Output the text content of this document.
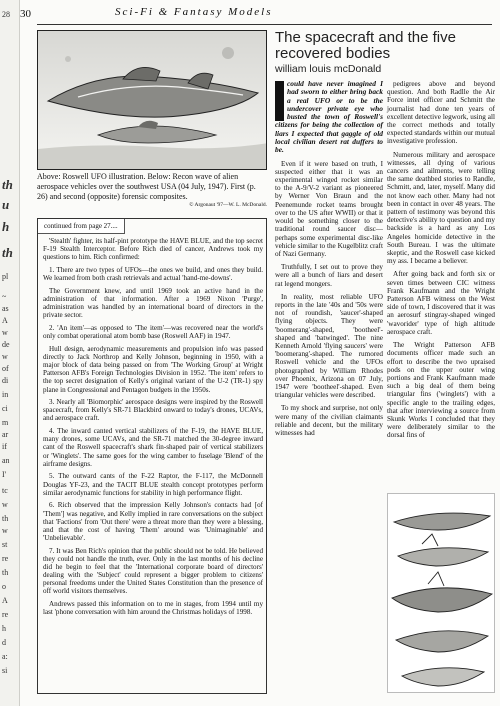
28
th
u
h
th
pl
~
as
A
w
de
w
of
di
in
ci
m
ar
if
an
I'
tc
w
th
w
st
re
th
o
A
re
h
d
a:
si
30	Sci-Fi & Fantasy Models
Above: Roswell UFO illustration. Below: Recon wave of alien aerospace vehicles over the southwest USA (04 July, 1947). First (p. 26) and second (opposite) forensic composites.
© Argonaut '97—W. L. McDonald.
continued from page 27....

'Stealth' fighter, its half-pint prototype the HAVE BLUE, and the top secret F-19 Stealth Interceptor. Before Rich died of cancer, Andrews took my questions to him. Rich confirmed:

1. There are two types of UFOs—the ones we build, and ones they build. We learned from both crash retrievals and actual 'hand-me-downs'.

The Government knew, and until 1969 took an active hand in the administration of that information. After a 1969 Nixon 'Purge', administration was handled by an international board of directors in the private sector.

2. 'An item'—as opposed to 'The item'—was recovered near the world's only combat operational atom bomb base (Roswell AAF) in 1947.

Hull design, aerodynamic measurements and propulsion info was passed directly to Jack Northrop and Kelly Johnson, beginning in 1950, with a major block of data being passed on from 'The Working Group' at Wright Patterson AFB's Foreign Technologies Division in 1952. 'The item' refers to the top secret designation of Kelly's original variant of the U-2 (TR-1) spy plane in Congressional and Pentagon budgets in the 1950s.

3. Nearly all 'Biomorphic' aerospace designs were inspired by the Roswell spacecraft, from Kelly's SR-71 Blackbird onward to today's drones, UCAVs, and aerospace craft.

4. The inward canted vertical stabilizers of the F-19, the HAVE BLUE, many drones, some UCAVs, and the SR-71 matched the 30-degree inward cant of the Roswell spacecraft's shark fin-shaped pair of vertical stabilizers or 'Winglets'. The same goes for the wing camber to fuselage 'Blend' of the airframe designs.

5. The outward cants of the F-22 Raptor, the F-117, the McDonnell Douglas YF-23, and the TACIT BLUE stealth concept prototypes perform similar aerodynamic functions for stability in high performance flight.

6. Rich observed that the impression Kelly Johnson's contacts had [of 'Them'] was negative, and Kelly implied in rare conversations on the subject that 'Factions' from 'Out there' were a threat more than they were a blessing, and that the cost of having 'Them' around was 'Unimaginable' and 'Unbelievable'.

7. It was Ben Rich's opinion that the public should not be told. He believed they could not handle the truth, ever. Only in the last months of his decline did he begin to feel that the 'International corporate board of directors' dealing with the 'Subject' could represent a bigger problem to citizens' personal freedoms under the United States Constitution than the presence of off world visitors themselves.

Andrews passed this information on to me in stages, from 1994 until my last 'phone conversation with him around the Christmas holidays of 1998.

The spacecraft and the five recovered bodies
william louis mcDonald

could have never imagined I had sworn to either bring back a real UFO or to be the undercover private eye who busted the town of Roswell's citizens for being the collection of liars I expected that gaggle of old local civilian desert rat duffers to be.

Even if it were based on truth, I suspected either that it was an experimental winged rocket similar to the A-9/V-2 variant as pioneered by Werner Von Braun and the Peenemunde rocket teams brought over to the US after WWII) or that it would be something closer to the traditional round saucer disc—perhaps some experimental disc-like vehicle similar to the Kugelblitz craft of Nazi Germany.

Truthfully, I set out to prove they were all a bunch of liars and desert rat legend mongers.

In reality, most reliable UFO reports in the late '40s and '50s were not of roundish, 'saucer'-shaped flying objects. They were 'boomerang'-shaped, 'bootheel'-shaped and 'batwinged'. The nine Kenneth Arnold 'flying saucers' were 'boomerang'-shaped. The rumored Roswell vehicle and the UFOs photographed by William Rhodes over Phoenix, Arizona on 07 July, 1947 were 'bootheel'-shaped. Even triangular vehicles were described.

To my shock and surprise, not only were many of the civilian claimants reliable and decent, but the military witnesses had

pedigrees above and beyond question. And both Radlle the Air Force intel officer and Schmitt the journalist had done ten years of excellent detective legwork, using all the correct methods and totally expected standards within our mutual investigative profession.

Numerous military and aerospace witnesses, all dying of various cancers and ailments, were telling the same deathbed stories to Randle, Schmitt, and, later, myself. Many did not know each other. Many had not been in contact in over 48 years. The pattern of testimony was beyond this detective's ability to question and my backside is a hard as any Los Angeles homicide detective in the South Bureau. I was the ultimate skeptic, and the Roswell case kicked my ass. I became a believer.

After going back and forth six or seven times between CIC witness Frank Kaufmann and the Wright Patterson AFB witness on the West side of town, I discovered that it was an aerosurf stingray-shaped winged 'wavorider' type of high altitude aerospace craft.

The Wright Patterson AFB documents officer made such an effort to describe the two upraised pods on the upper outer wing portions and Frank Kaufmann made such a big deal of them being triangular fins ('winglets') with a specific angle to the trailing edges, that after interviewing a source from Skunk Works I concluded that they were deliberately similar to the dorsal fins of
